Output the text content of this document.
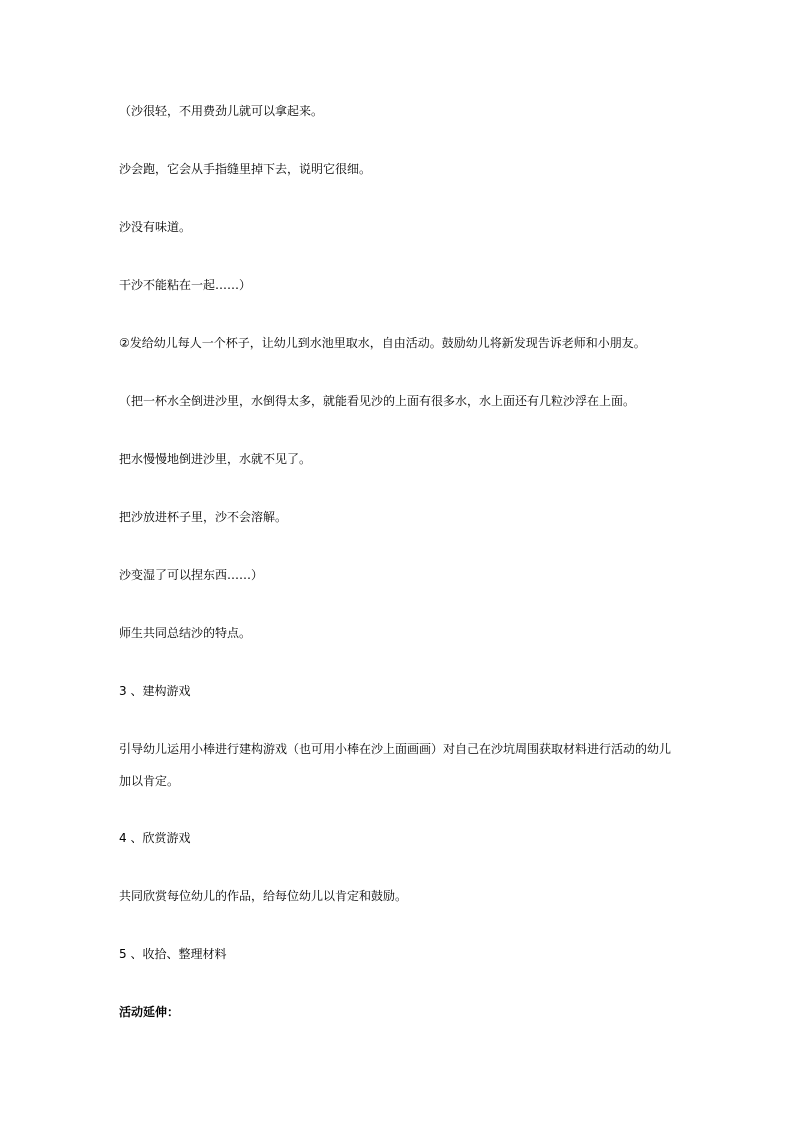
（沙很轻，不用费劲儿就可以拿起来。
沙会跑，它会从手指缝里掉下去，说明它很细。
沙没有味道。
干沙不能粘在一起……）
②发给幼儿每人一个杯子，让幼儿到水池里取水，自由活动。鼓励幼儿将新发现告诉老师和小朋友。
（把一杯水全倒进沙里，水倒得太多，就能看见沙的上面有很多水，水上面还有几粒沙浮在上面。
把水慢慢地倒进沙里，水就不见了。
把沙放进杯子里，沙不会溶解。
沙变湿了可以捏东西……）
师生共同总结沙的特点。
3 、建构游戏
引导幼儿运用小棒进行建构游戏（也可用小棒在沙上面画画）对自己在沙坑周围获取材料进行活动的幼儿
加以肯定。
4 、欣赏游戏
共同欣赏每位幼儿的作品，给每位幼儿以肯定和鼓励。
5 、收拾、整理材料
活动延伸：
